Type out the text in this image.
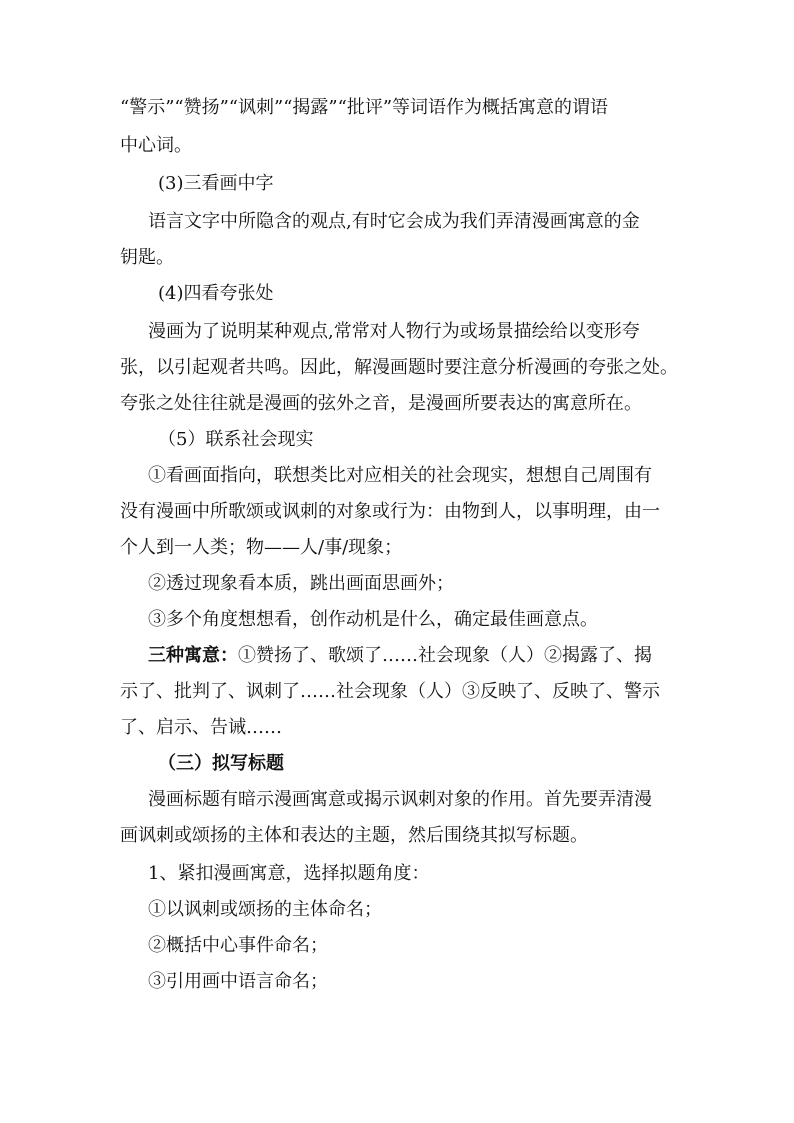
“警示”“赞扬”“讽刺”“揭露”“批评”等词语作为概括寓意的谓语
中心词。
(3)三看画中字
语言文字中所隐含的观点,有时它会成为我们弄清漫画寓意的金
钥匙。
(4)四看夸张处
漫画为了说明某种观点,常常对人物行为或场景描绘给以变形夸
张，以引起观者共鸣。因此，解漫画题时要注意分析漫画的夸张之处。
夸张之处往往就是漫画的弦外之音，是漫画所要表达的寓意所在。
（5）联系社会现实
①看画面指向，联想类比对应相关的社会现实，想想自己周围有
没有漫画中所歌颂或讽刺的对象或行为：由物到人，以事明理，由一
个人到一人类；物——人/事/现象；
②透过现象看本质，跳出画面思画外；
③多个角度想想看，创作动机是什么，确定最佳画意点。
三种寓意：①赞扬了、歌颂了……社会现象（人）②揭露了、揭
示了、批判了、讽刺了……社会现象（人）③反映了、反映了、警示
了、启示、告诫……
（三）拟写标题
漫画标题有暗示漫画寓意或揭示讽刺对象的作用。首先要弄清漫
画讽刺或颂扬的主体和表达的主题，然后围绕其拟写标题。
1、紧扣漫画寓意，选择拟题角度：
①以讽刺或颂扬的主体命名；
②概括中心事件命名；
③引用画中语言命名；
